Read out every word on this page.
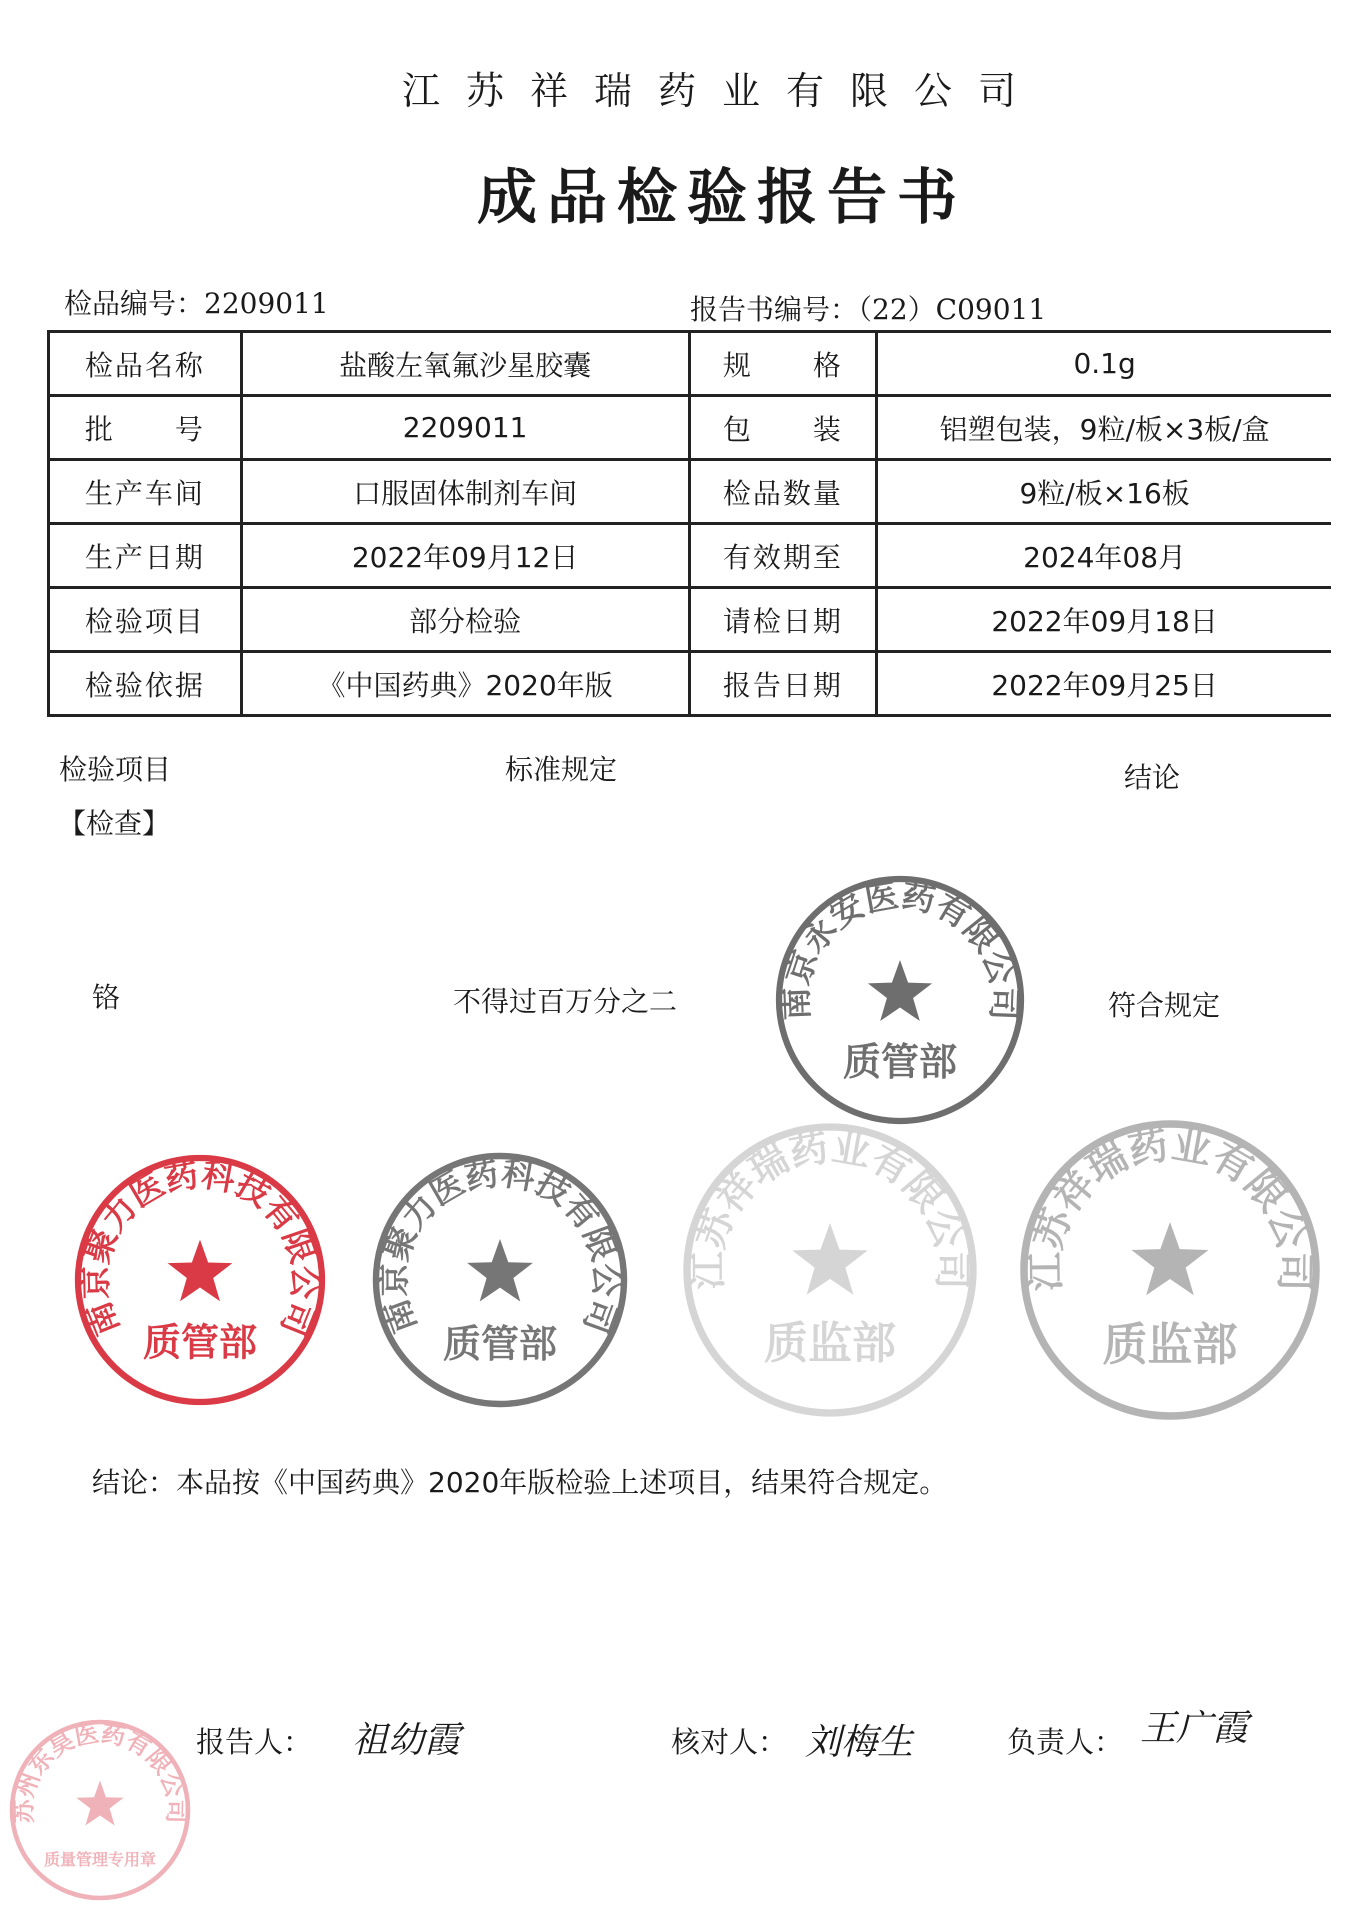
江苏祥瑞药业有限公司
成品检验报告书
检品编号：2209011	报告书编号：（22）C09011
检品名称	盐酸左氧氟沙星胶囊	规　　格	0.1g
批　　号	2209011	包　　装	铝塑包装，9粒/板×3板/盒
生产车间	口服固体制剂车间	检品数量	9粒/板×16板
生产日期	2022年09月12日	有效期至	2024年08月
检验项目	部分检验	请检日期	2022年09月18日
检验依据	《中国药典》2020年版	报告日期	2022年09月25日
检验项目	标准规定	结论
【检查】
铬	不得过百万分之二	符合规定
结论：本品按《中国药典》2020年版检验上述项目，结果符合规定。
报告人： 祖幼霞	核对人： 刘梅生	负责人： 王广霞
江苏祥瑞药业有限公司
质监部
南京永安医药有限公司
质管部
南京聚力医药科技有限公司
质管部
南京聚力医药科技有限公司
质管部
江苏祥瑞药业有限公司
质监部
苏州东昊医药有限公司
质量管理专用章
